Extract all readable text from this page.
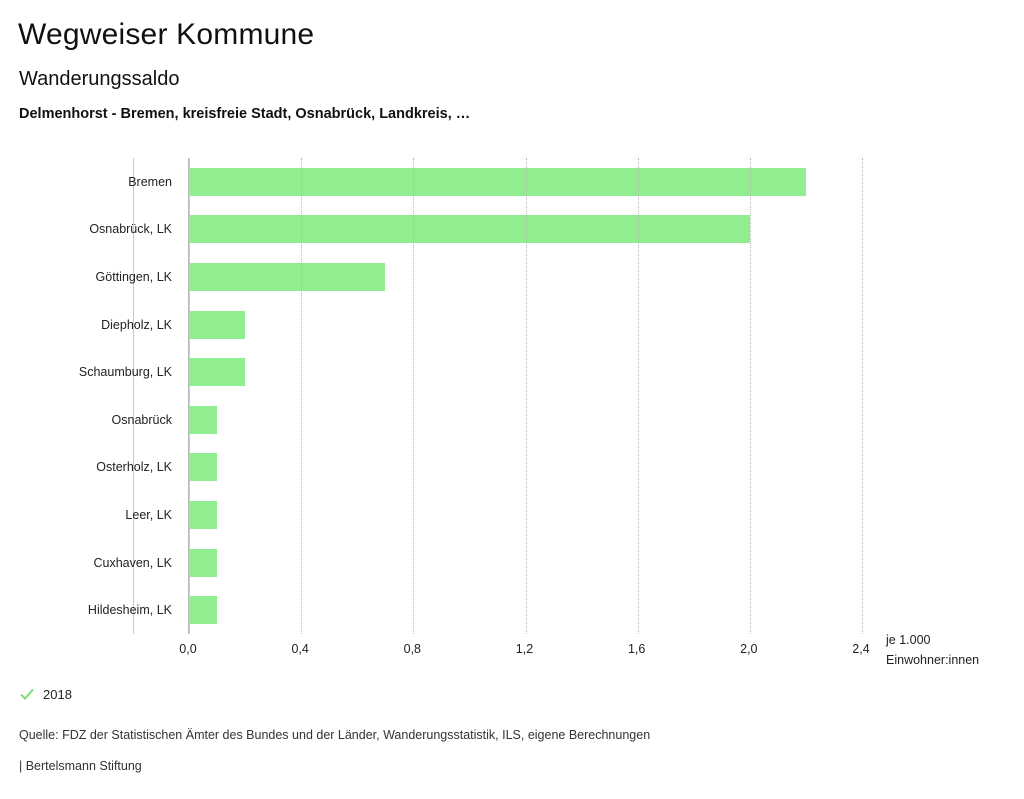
Wegweiser Kommune
Wanderungssaldo
Delmenhorst - Bremen, kreisfreie Stadt, Osnabrück, Landkreis, …
Bremen
Osnabrück, LK
Göttingen, LK
Diepholz, LK
Schaumburg, LK
Osnabrück
Osterholz, LK
Leer, LK
Cuxhaven, LK
Hildesheim, LK
0,0	0,4	0,8	1,2	1,6	2,0	2,4
je 1.000
Einwohner:innen
2018
Quelle: FDZ der Statistischen Ämter des Bundes und der Länder, Wanderungsstatistik, ILS, eigene Berechnungen
| Bertelsmann Stiftung
